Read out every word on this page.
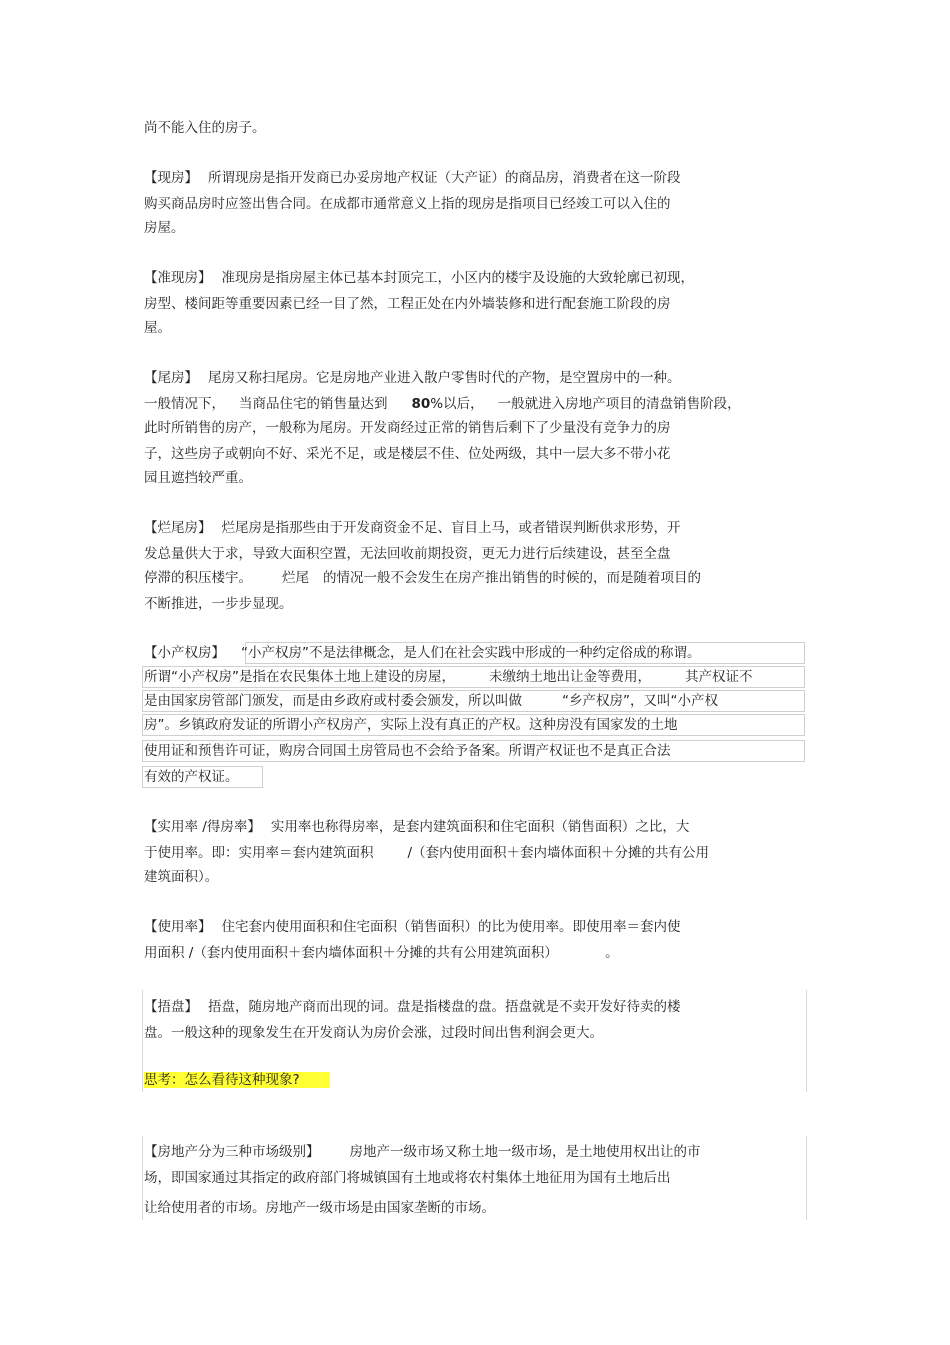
尚不能入住的房子。
【现房】 所谓现房是指开发商已办妥房地产权证（大产证）的商品房，消费者在这一阶段
购买商品房时应签出售合同。在成都市通常意义上指的现房是指项目已经竣工可以入住的
房屋。
【准现房】 准现房是指房屋主体已基本封顶完工，小区内的楼宇及设施的大致轮廓已初现，
房型、楼间距等重要因素已经一目了然，工程正处在内外墙装修和进行配套施工阶段的房
屋。
【尾房】 尾房又称扫尾房。它是房地产业进入散户零售时代的产物，是空置房中的一种。
一般情况下， 当商品住宅的销售量达到 80%以后， 一般就进入房地产项目的清盘销售阶段，
此时所销售的房产，一般称为尾房。开发商经过正常的销售后剩下了少量没有竞争力的房
子，这些房子或朝向不好、采光不足，或是楼层不佳、位处两级，其中一层大多不带小花
园且遮挡较严重。
【烂尾房】 烂尾房是指那些由于开发商资金不足、盲目上马，或者错误判断供求形势，开
发总量供大于求，导致大面积空置，无法回收前期投资，更无力进行后续建设，甚至全盘
停滞的积压楼宇。 烂尾 的情况一般不会发生在房产推出销售的时候的，而是随着项目的
不断推进，一步步显现。
【小产权房】 “小产权房”不是法律概念，是人们在社会实践中形成的一种约定俗成的称谓。
所谓“小产权房”是指在农民集体土地上建设的房屋，	未缴纳土地出让金等费用，	其产权证不
是由国家房管部门颁发，而是由乡政府或村委会颁发，所以叫做	“乡产权房”，又叫“小产权
房”。乡镇政府发证的所谓小产权房产，实际上没有真正的产权。这种房没有国家发的土地
使用证和预售许可证，购房合同国土房管局也不会给予备案。所谓产权证也不是真正合法
有效的产权证。
【实用率 /得房率】 实用率也称得房率，是套内建筑面积和住宅面积（销售面积）之比，大
于使用率。即：实用率＝套内建筑面积	/（套内使用面积＋套内墙体面积＋分摊的共有公用
建筑面积）。
【使用率】 住宅套内使用面积和住宅面积（销售面积）的比为使用率。即使用率＝套内使
用面积 /（套内使用面积＋套内墙体面积＋分摊的共有公用建筑面积）	。
【捂盘】 捂盘，随房地产商而出现的词。盘是指楼盘的盘。捂盘就是不卖开发好待卖的楼
盘。一般这种的现象发生在开发商认为房价会涨，过段时间出售利润会更大。
思考：怎么看待这种现象?
【房地产分为三种市场级别】 房地产一级市场又称土地一级市场，是土地使用权出让的市
场，即国家通过其指定的政府部门将城镇国有土地或将农村集体土地征用为国有土地后出
让给使用者的市场。房地产一级市场是由国家垄断的市场。
